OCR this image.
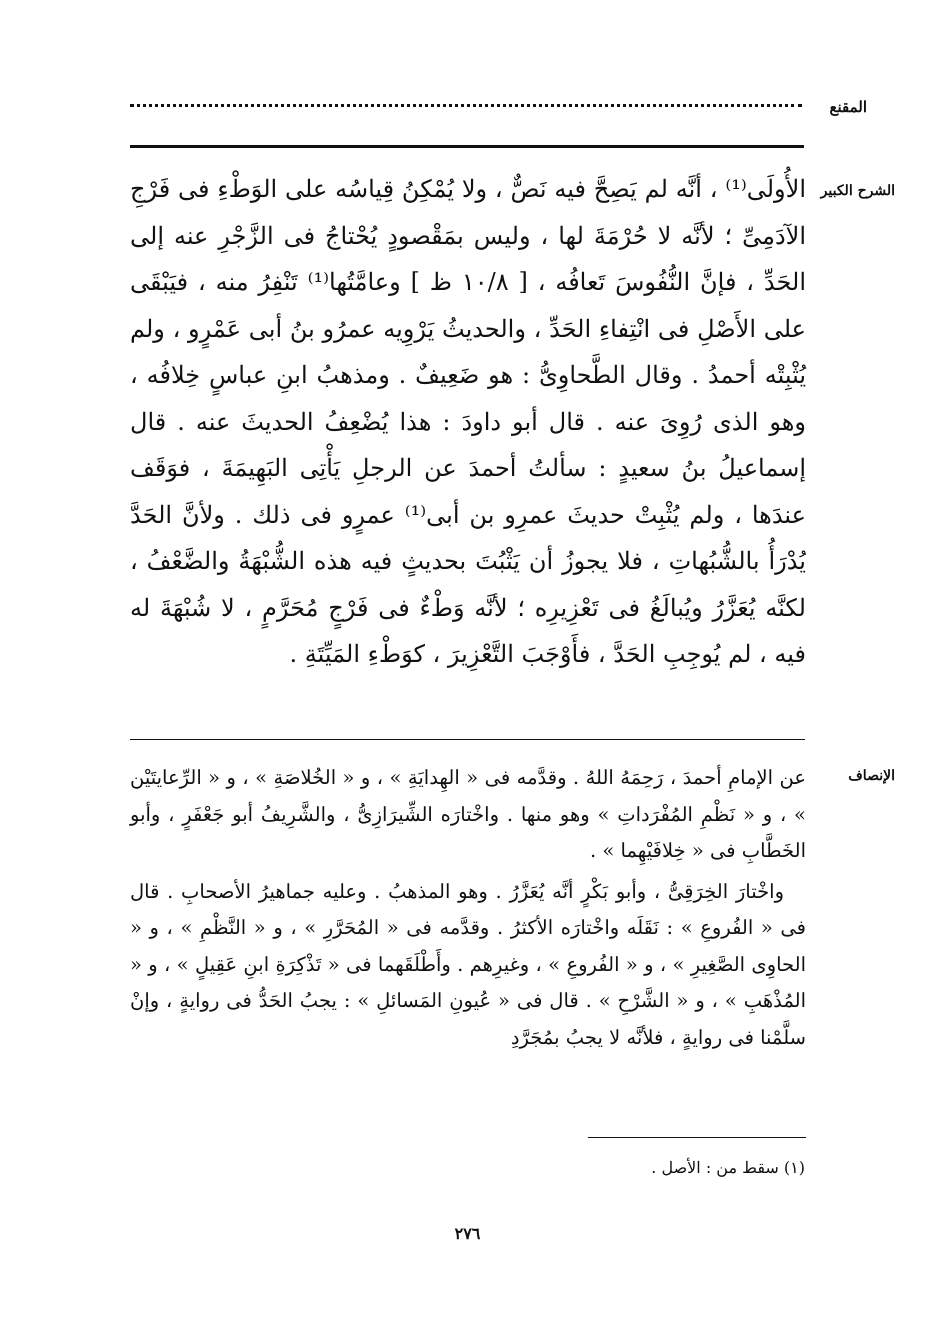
المقنع
الشرح الكبير

الأُولَى⁽¹⁾ ، أنَّه لم يَصِحَّ فيه نَصٌّ ، ولا يُمْكِنُ قِياسُه على الوَطْءِ فى فَرْجِ الآدَمِىِّ ؛ لأنَّه لا حُرْمَةَ لها ، وليس بمَقْصودٍ يُحْتاجُ فى الزَّجْرِ عنه إلى الحَدِّ ، فإنَّ النُّفُوسَ تَعافُه ، [ ١٠/٨ ظ ] وعامَّتُها⁽¹⁾ تَنْفِرُ منه ، فيَبْقَى على الأَصْلِ فى انْتِفاءِ الحَدِّ ، والحديثُ يَرْوِيه عمرُو بنُ أبى عَمْرٍو ، ولم يُثْبِتْه أحمدُ . وقال الطَّحاوِىُّ : هو ضَعِيفٌ . ومذهبُ ابنِ عباسٍ خِلافُه ، وهو الذى رُوِىَ عنه . قال أبو داودَ : هذا يُضْعِفُ الحديثَ عنه . قال إسماعيلُ بنُ سعيدٍ : سألتُ أحمدَ عن الرجلِ يَأْتِى البَهِيمَةَ ، فوَقَف عندَها ، ولم يُثْبِتْ حديثَ عمرِو بن أبى⁽¹⁾ عمرٍو فى ذلك . ولأنَّ الحَدَّ يُدْرَأُ بالشُّبُهاتِ ، فلا يجوزُ أن يَثْبُتَ بحديثٍ فيه هذه الشُّبْهَةُ والضَّعْفُ ، لكنَّه يُعَزَّرُ ويُبالَغُ فى تَعْزِيرِه ؛ لأنَّه وَطْءٌ فى فَرْجٍ مُحَرَّمٍ ، لا شُبْهَةَ له فيه ، لم يُوجِبِ الحَدَّ ، فأَوْجَبَ التَّعْزِيرَ ، كوَطْءِ المَيِّتَةِ .

الإنصاف

عن الإمامِ أحمدَ ، رَحِمَهُ اللهُ . وقدَّمه فى « الهِدايَةِ » ، و « الخُلاصَةِ » ، و « الرِّعايتَيْن » ، و « نَظْمِ المُفْرَداتِ » وهو منها . واخْتارَه الشِّيرَازِىُّ ، والشَّرِيفُ أبو جَعْفَرٍ ، وأبو الخَطَّابِ فى « خِلافَيْهِما » .

واخْتارَ الخِرَقِىُّ ، وأبو بَكْرٍ أنَّه يُعَزَّرُ . وهو المذهبُ . وعليه جماهيرُ الأصحابِ . قال فى « الفُروعِ » : نَقَلَه واخْتارَه الأكثرُ . وقدَّمه فى « المُحَرَّرِ » ، و « النَّظْمِ » ، و « الحاوِى الصَّغِيرِ » ، و « الفُروعِ » ، وغيرِهم . وأَطْلَقَهما فى « تَذْكِرَةِ ابنِ عَقِيلٍ » ، و « المُذْهَبِ » ، و « الشَّرْحِ » . قال فى « عُيونِ المَسائلِ » : يجبُ الحَدُّ فى روايةٍ ، وإنْ سلَّمْنا فى روايةٍ ، فلأنَّه لا يجبُ بمُجَرَّدِ

(١) سقط من : الأصل .
٢٧٦
